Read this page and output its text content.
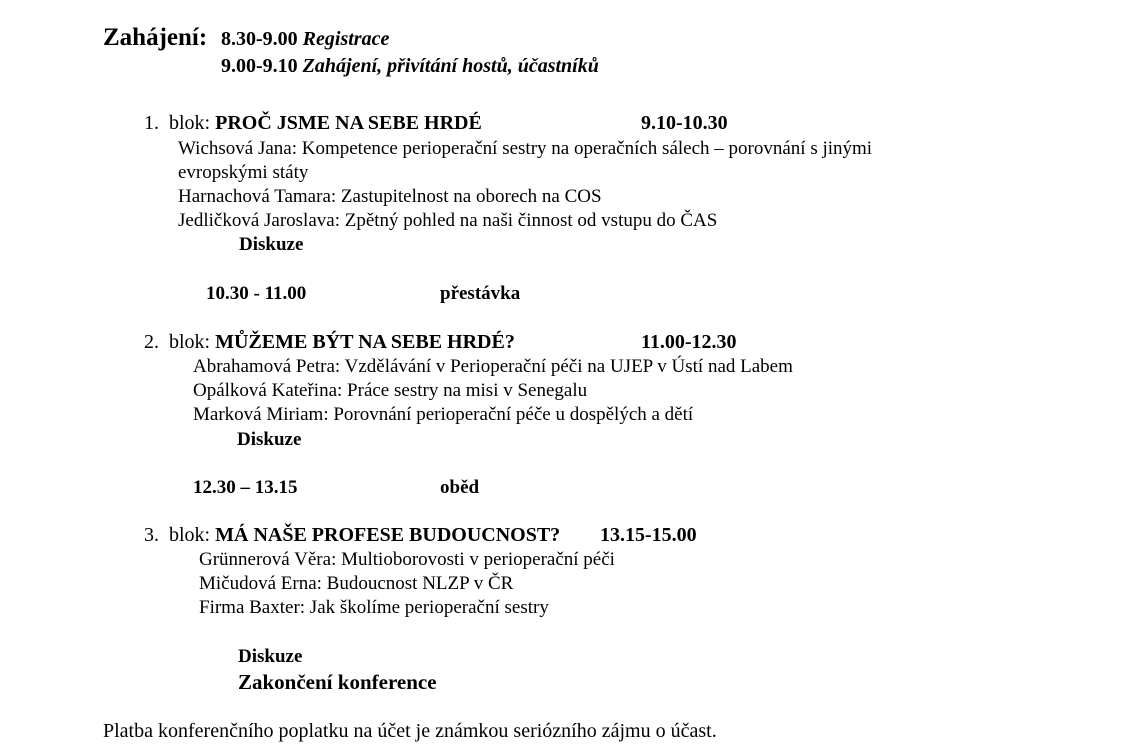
Zahájení: 8.30-9.00 Registrace
9.00-9.10 Zahájení, přivítání hostů, účastníků
1. blok: PROČ JSME NA SEBE HRDÉ	9.10-10.30
Wichsová Jana: Kompetence perioperační sestry na operačních sálech – porovnání s jinými
evropskými státy
Harnachová Tamara: Zastupitelnost na oborech na COS
Jedličková Jaroslava: Zpětný pohled na naši činnost od vstupu do ČAS
Diskuze
10.30 - 11.00	přestávka
2. blok: MŮŽEME BÝT NA SEBE HRDÉ?	11.00-12.30
Abrahamová Petra: Vzdělávání v Perioperační péči na UJEP v Ústí nad Labem
Opálková Kateřina: Práce sestry na misi v Senegalu
Marková Miriam: Porovnání perioperační péče u dospělých a dětí
Diskuze
12.30 – 13.15	oběd
3. blok: MÁ NAŠE PROFESE BUDOUCNOST? 13.15-15.00
Grünnerová Věra: Multioborovosti v perioperační péči
Mičudová Erna: Budoucnost NLZP v ČR
Firma Baxter: Jak školíme perioperační sestry
Diskuze
Zakončení konference
Platba konferenčního poplatku na účet je známkou seriózního zájmu o účast.
